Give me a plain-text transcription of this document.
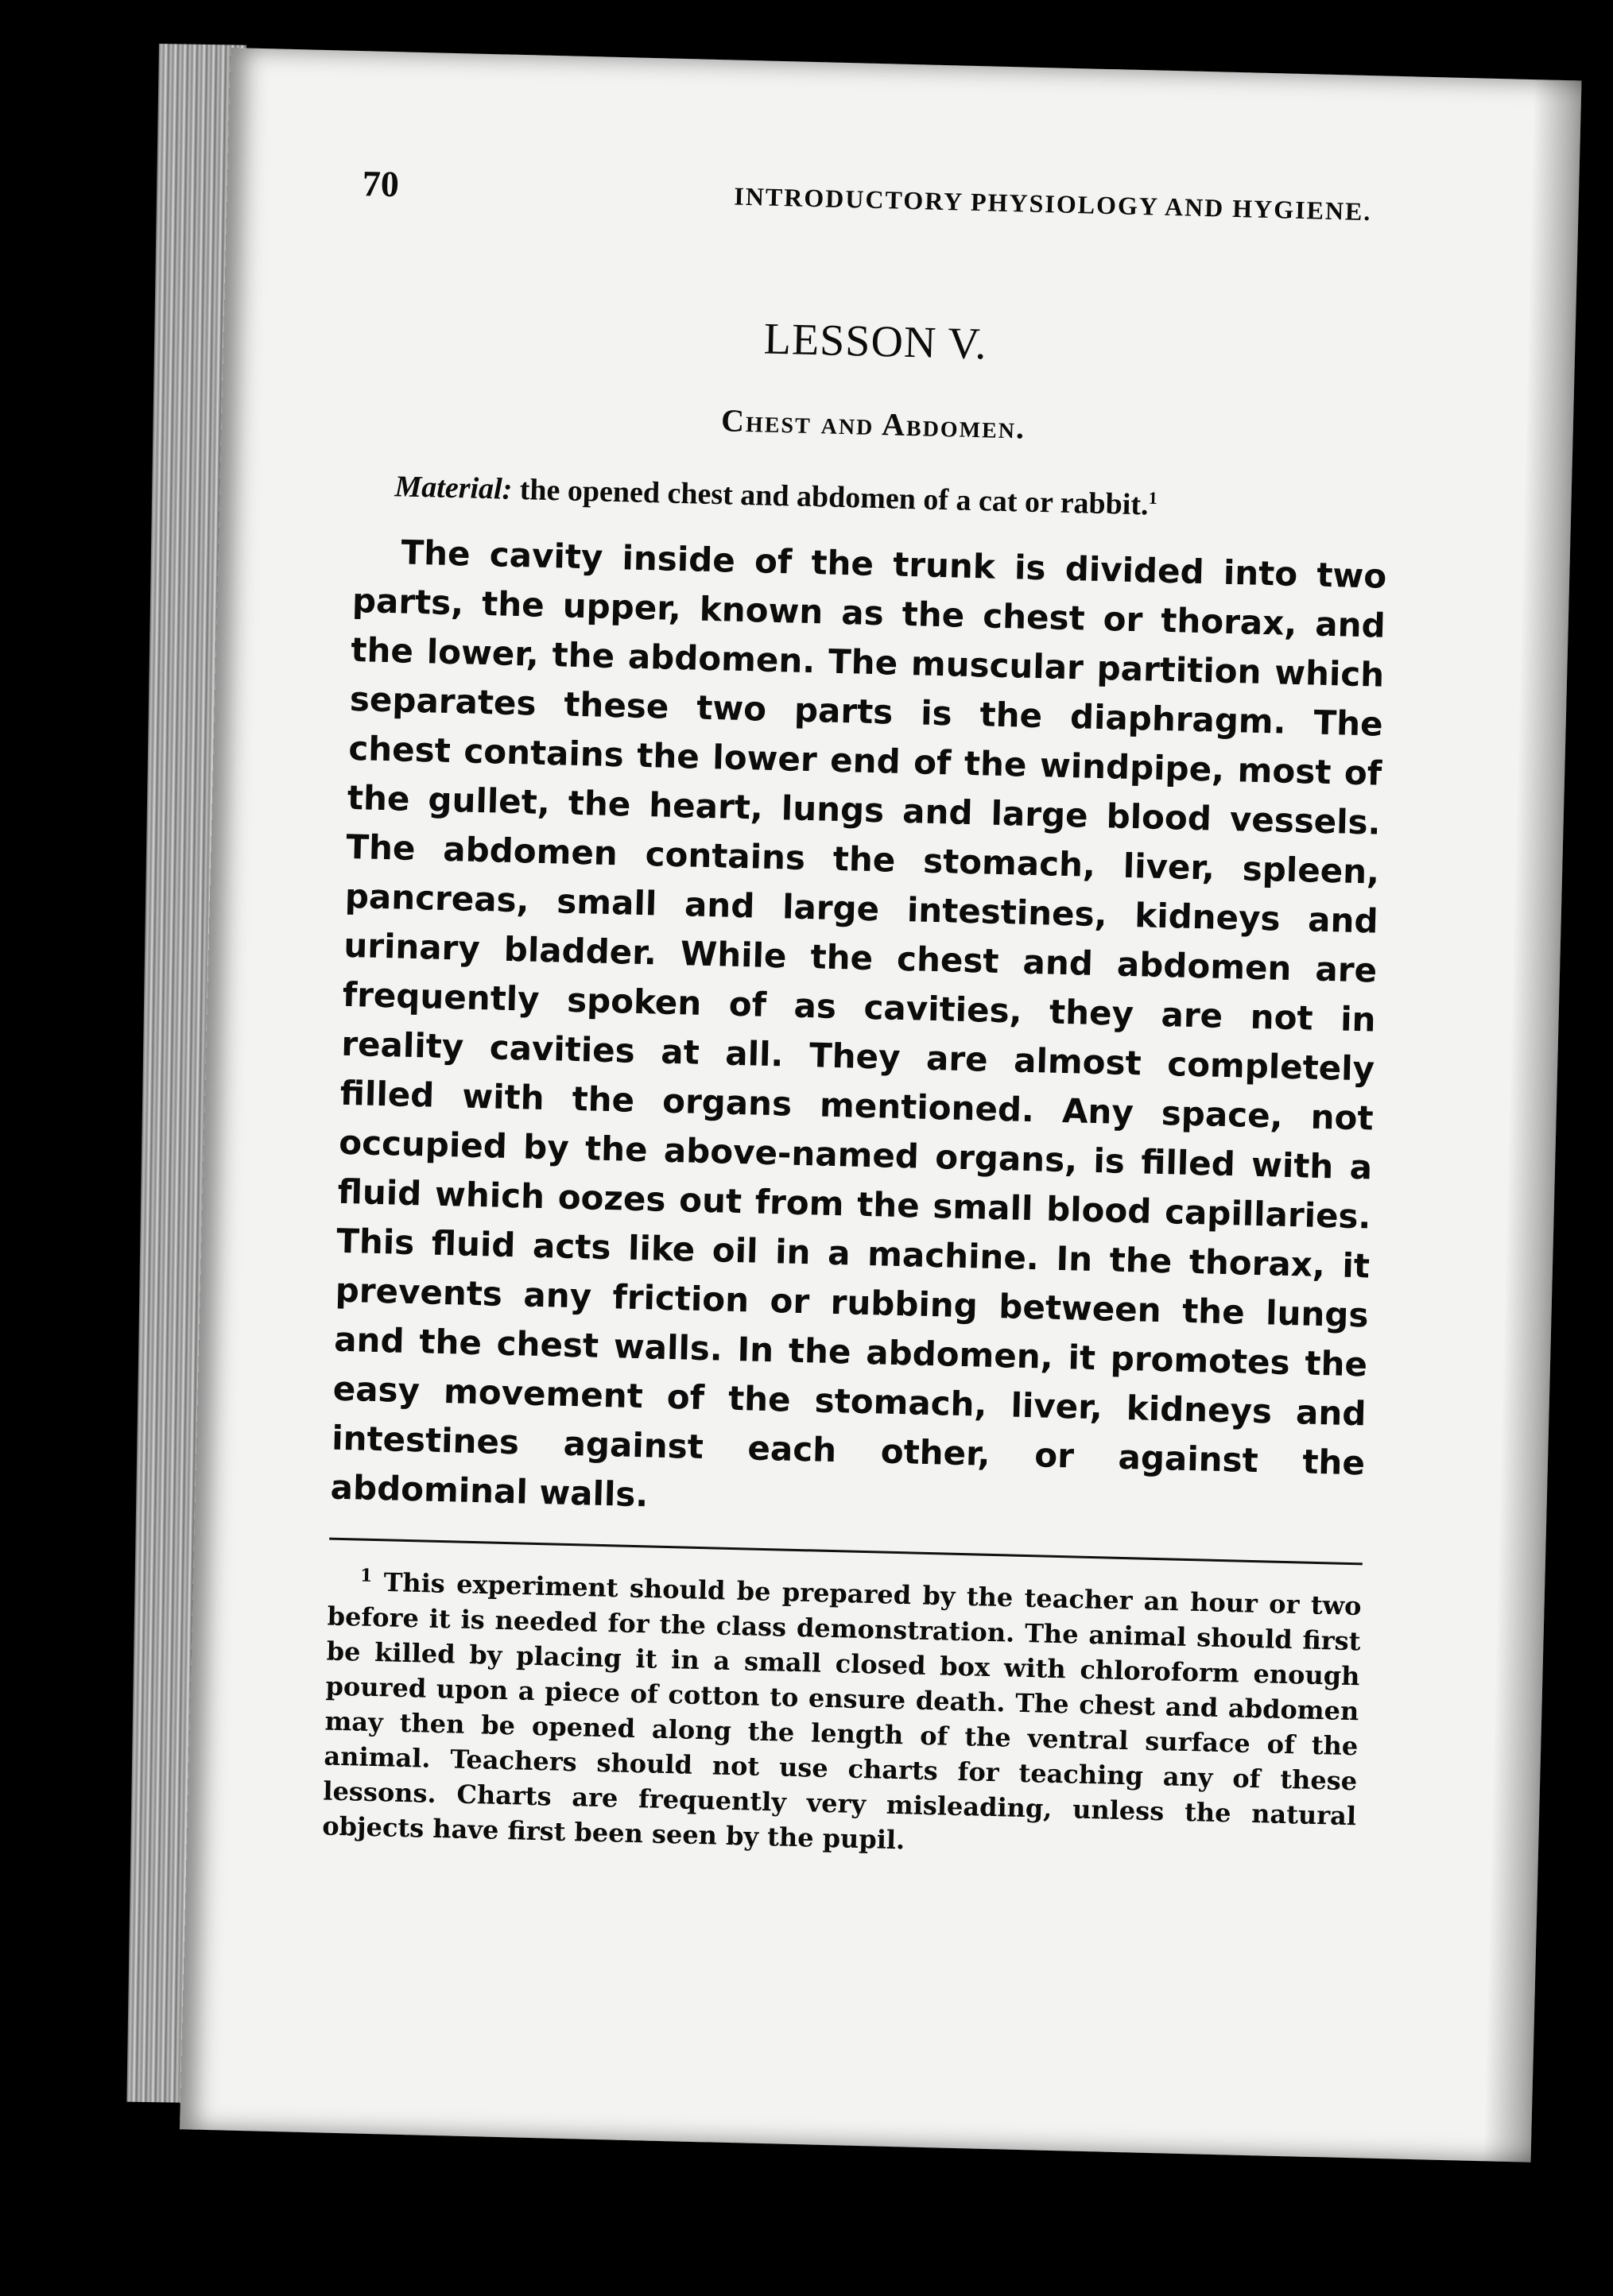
70	INTRODUCTORY PHYSIOLOGY AND HYGIENE.
LESSON V.
Chest and Abdomen.

Material: the opened chest and abdomen of a cat or rabbit.$^1$

The cavity inside of the trunk is divided into two parts, the upper, known as the chest or thorax, and the lower, the abdomen. The muscular partition which separates these two parts is the diaphragm. The chest contains the lower end of the windpipe, most of the gullet, the heart, lungs and large blood vessels. The abdomen contains the stomach, liver, spleen, pancreas, small and large intestines, kidneys and urinary bladder. While the chest and abdomen are frequently spoken of as cavities, they are not in reality cavities at all. They are almost completely filled with the organs mentioned. Any space, not occupied by the above-named organs, is filled with a fluid which oozes out from the small blood capillaries. This fluid acts like oil in a machine. In the thorax, it prevents any friction or rubbing between the lungs and the chest walls. In the abdomen, it promotes the easy movement of the stomach, liver, kidneys and intestines against each other, or against the abdominal walls.

$^1$ This experiment should be prepared by the teacher an hour or two before it is needed for the class demonstration. The animal should first be killed by placing it in a small closed box with chloroform enough poured upon a piece of cotton to ensure death. The chest and abdomen may then be opened along the length of the ventral surface of the animal. Teachers should not use charts for teaching any of these lessons. Charts are frequently very misleading, unless the natural objects have first been seen by the pupil.
